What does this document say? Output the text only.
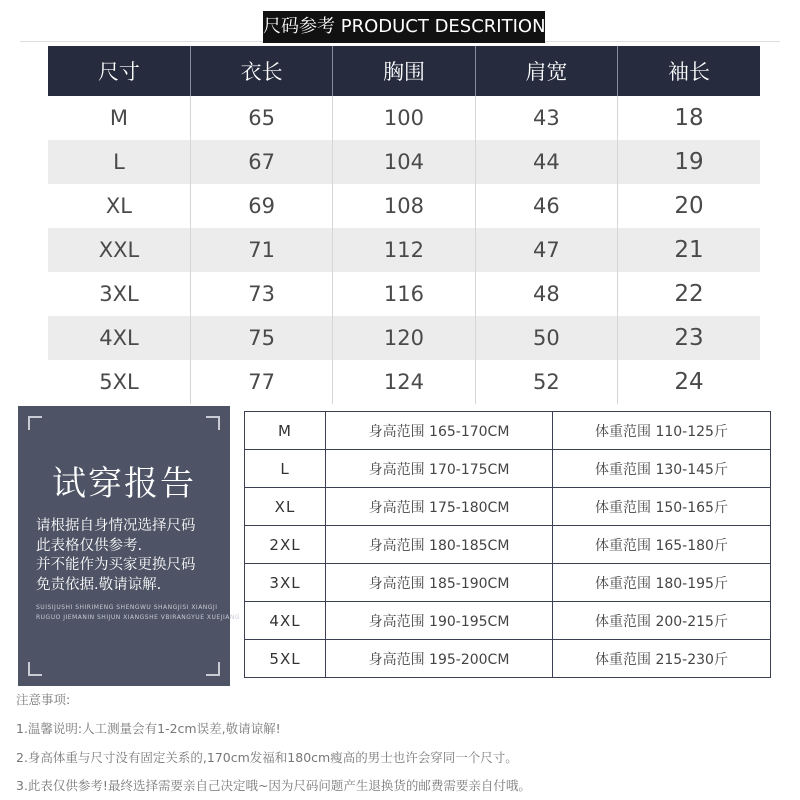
尺码参考 PRODUCT DESCRITION
尺寸	衣长	胸围	肩宽	袖长
M	65	100	43	18
L	67	104	44	19
XL	69	108	46	20
XXL	71	112	47	21
3XL	73	116	48	22
4XL	75	120	50	23
5XL	77	124	52	24
试穿报告
请根据自身情况选择尺码
此表格仅供参考.
并不能作为买家更换尺码
免责依据.敬请谅解.
SUISIJUSHI SHIRIMENG SHENGWU SHANGJISI XIANGJI
RUGUO JIEMANIN SHIJUN XIANGSHE VBIRANGYUE XUEJIANG
M	身高范围 165-170CM	体重范围 110-125斤
L	身高范围 170-175CM	体重范围 130-145斤
XL	身高范围 175-180CM	体重范围 150-165斤
2XL	身高范围 180-185CM	体重范围 165-180斤
3XL	身高范围 185-190CM	体重范围 180-195斤
4XL	身高范围 190-195CM	体重范围 200-215斤
5XL	身高范围 195-200CM	体重范围 215-230斤
注意事项:
1.温馨说明:人工测量会有1-2cm误差,敬请谅解!
2.身高体重与尺寸没有固定关系的,170cm发福和180cm瘦高的男士也许会穿同一个尺寸。
3.此表仅供参考!最终选择需要亲自己决定哦~因为尺码问题产生退换货的邮费需要亲自付哦。
